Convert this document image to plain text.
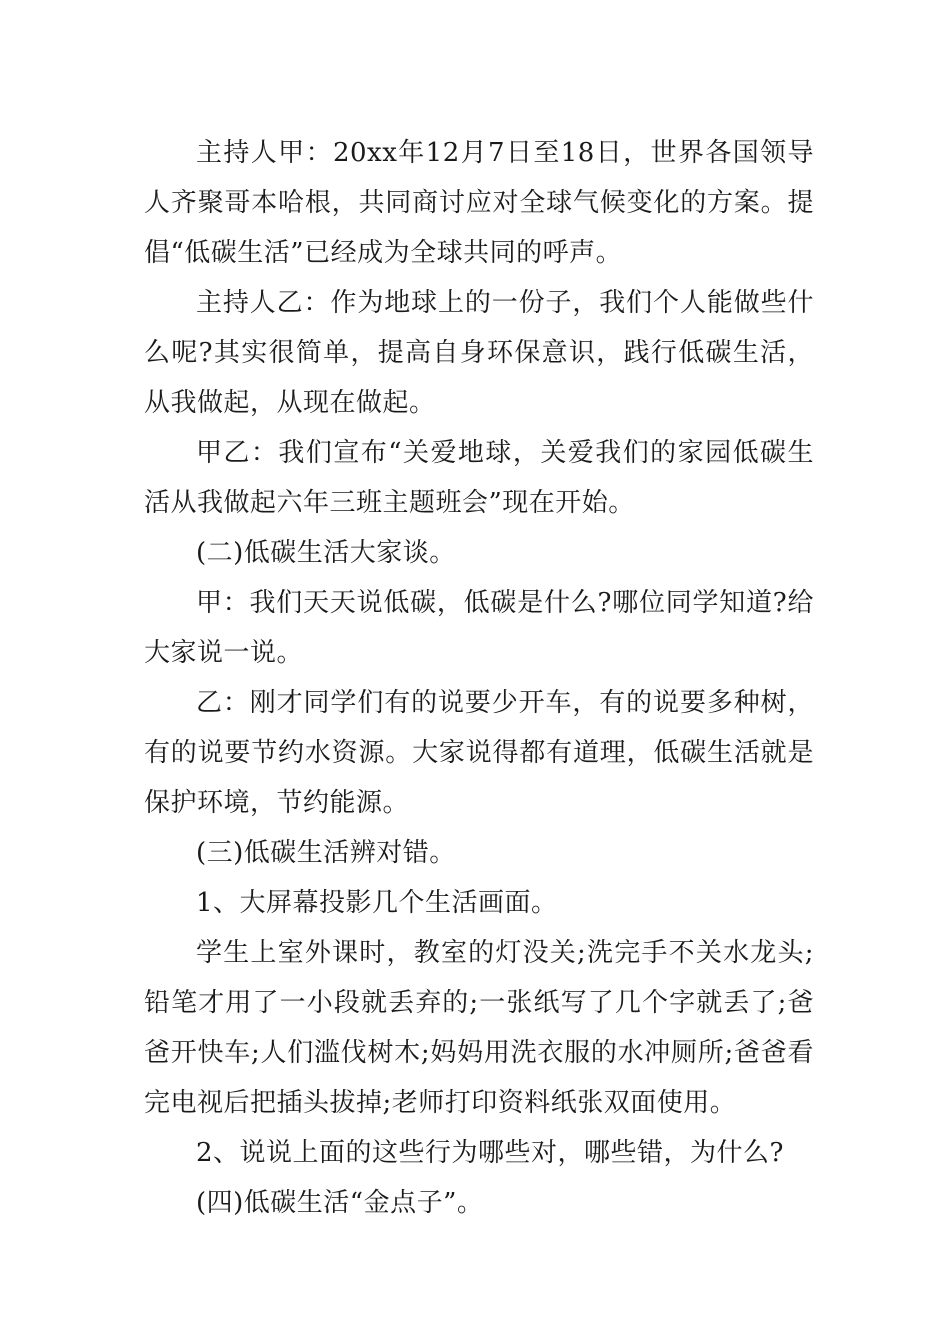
主持人甲：20xx年12月7日至18日，世界各国领导人齐聚哥本哈根，共同商讨应对全球气候变化的方案。提倡“低碳生活”已经成为全球共同的呼声。

主持人乙：作为地球上的一份子，我们个人能做些什么呢?其实很简单，提高自身环保意识，践行低碳生活，从我做起，从现在做起。

甲乙：我们宣布“关爱地球，关爱我们的家园低碳生活从我做起六年三班主题班会”现在开始。

(二)低碳生活大家谈。

甲：我们天天说低碳，低碳是什么?哪位同学知道?给大家说一说。

乙：刚才同学们有的说要少开车，有的说要多种树，有的说要节约水资源。大家说得都有道理，低碳生活就是保护环境，节约能源。

(三)低碳生活辨对错。

1、大屏幕投影几个生活画面。

学生上室外课时，教室的灯没关;洗完手不关水龙头;铅笔才用了一小段就丢弃的;一张纸写了几个字就丢了;爸爸开快车;人们滥伐树木;妈妈用洗衣服的水冲厕所;爸爸看完电视后把插头拔掉;老师打印资料纸张双面使用。

2、说说上面的这些行为哪些对，哪些错，为什么?

(四)低碳生活“金点子”。
